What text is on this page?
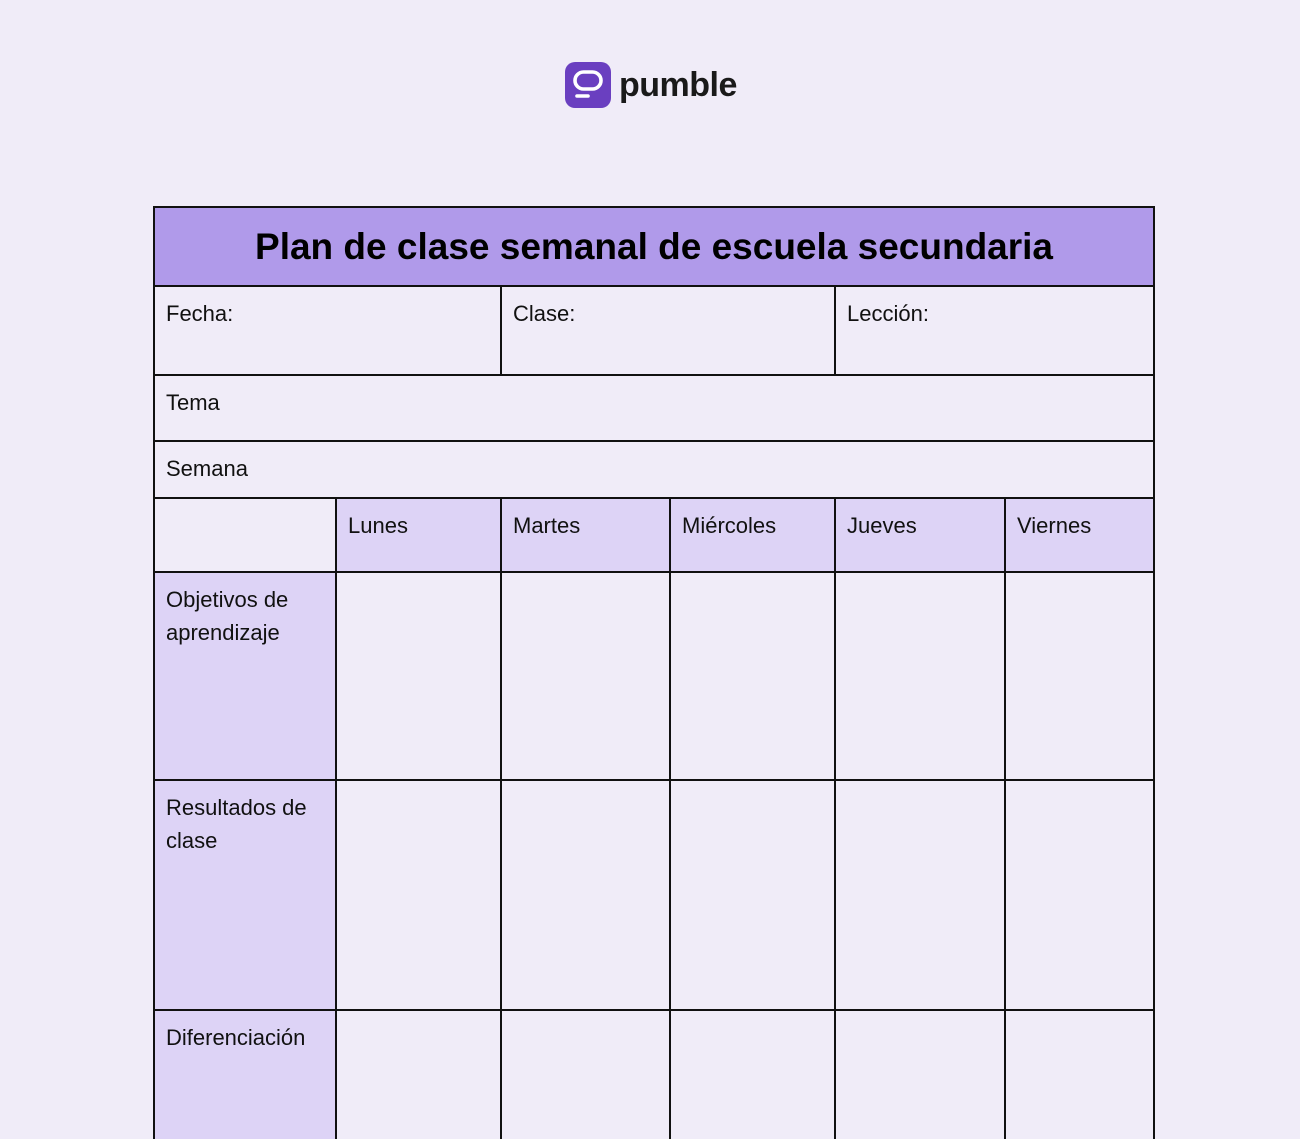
pumble
Plan de clase semanal de escuela secundaria					
Fecha:		Clase:		Lección:	
Tema					
Semana					
	Lunes	Martes	Miércoles	Jueves	Viernes
Objetivos de aprendizaje					
Resultados de clase					
Diferenciación					
